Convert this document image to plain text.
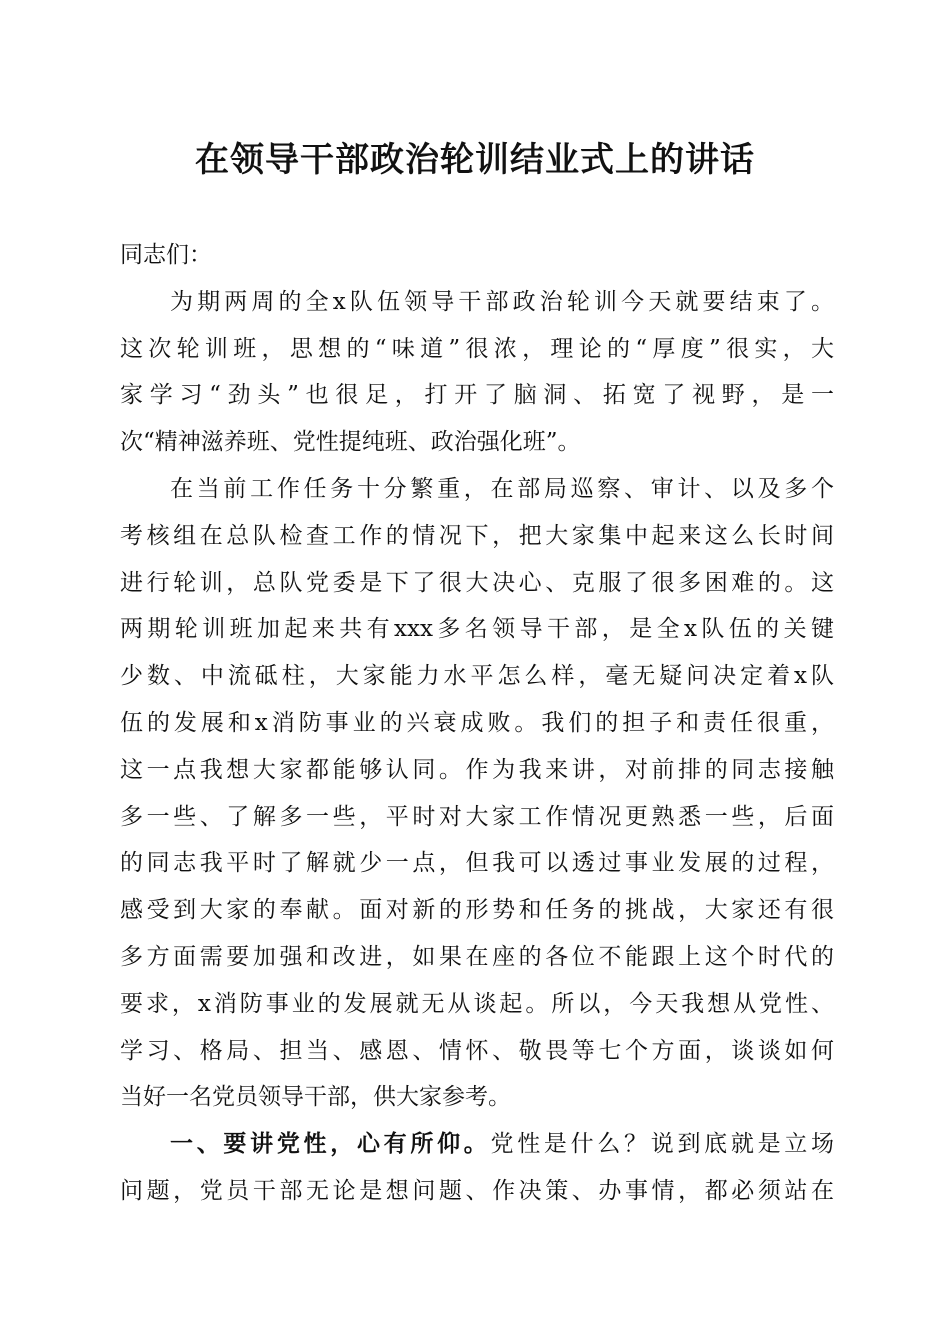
在领导干部政治轮训结业式上的讲话
同志们：
为期两周的全x队伍领导干部政治轮训今天就要结束了。
这次轮训班，思想的“味道”很浓，理论的“厚度”很实，大
家学习“劲头”也很足，打开了脑洞、拓宽了视野，是一
次“精神滋养班、党性提纯班、政治强化班”。
在当前工作任务十分繁重，在部局巡察、审计、以及多个
考核组在总队检查工作的情况下，把大家集中起来这么长时间
进行轮训，总队党委是下了很大决心、克服了很多困难的。这
两期轮训班加起来共有xxx多名领导干部，是全x队伍的关键
少数、中流砥柱，大家能力水平怎么样，毫无疑问决定着x队
伍的发展和x消防事业的兴衰成败。我们的担子和责任很重，
这一点我想大家都能够认同。作为我来讲，对前排的同志接触
多一些、了解多一些，平时对大家工作情况更熟悉一些，后面
的同志我平时了解就少一点，但我可以透过事业发展的过程，
感受到大家的奉献。面对新的形势和任务的挑战，大家还有很
多方面需要加强和改进，如果在座的各位不能跟上这个时代的
要求，x消防事业的发展就无从谈起。所以，今天我想从党性、
学习、格局、担当、感恩、情怀、敬畏等七个方面，谈谈如何
当好一名党员领导干部，供大家参考。
一、要讲党性，心有所仰。党性是什么？说到底就是立场
问题，党员干部无论是想问题、作决策、办事情，都必须站在
